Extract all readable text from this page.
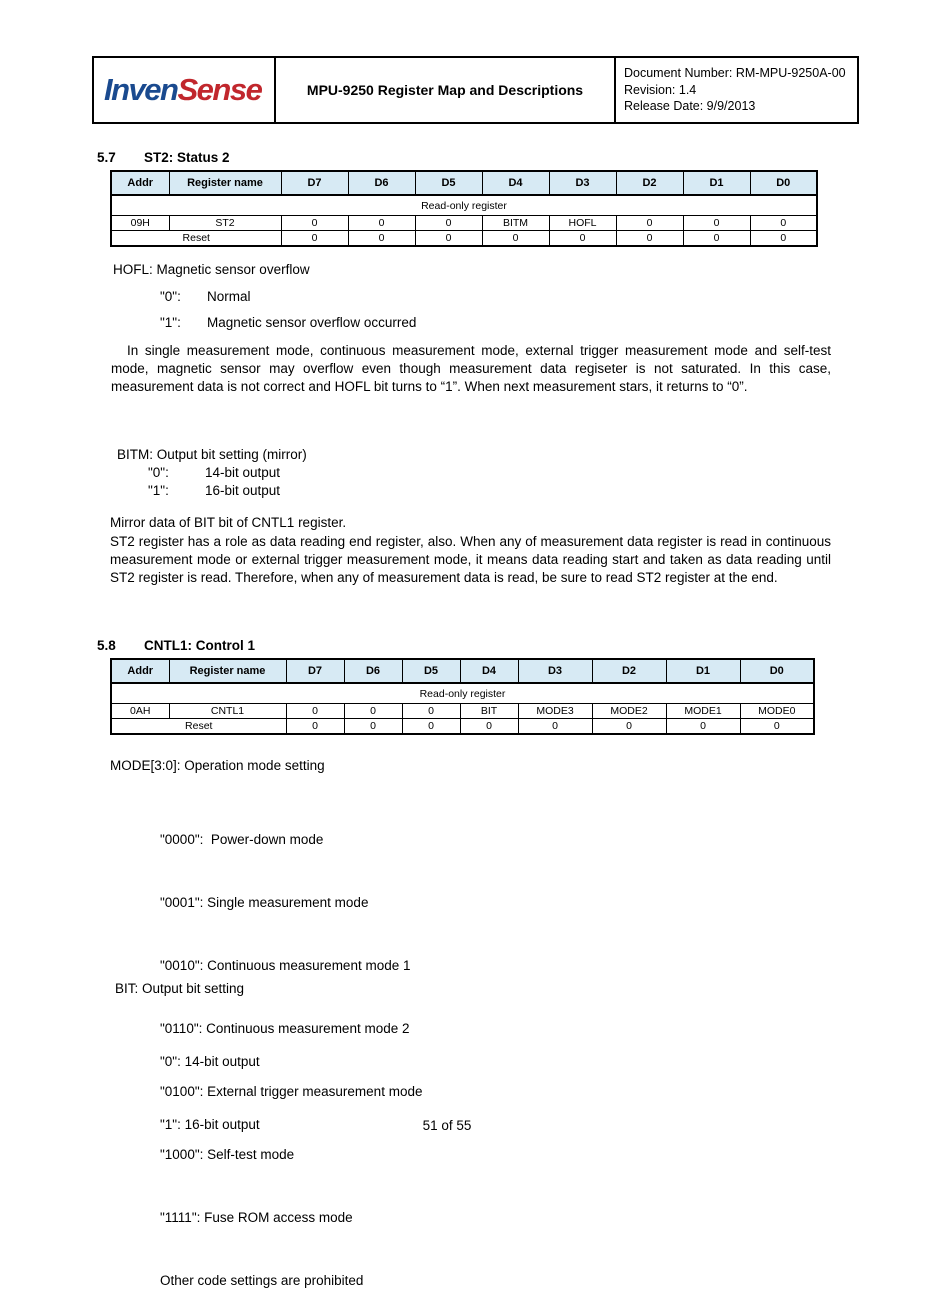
InvenSense	MPU-9250 Register Map and Descriptions	
Document Number: RM-MPU-9250A-00
Revision: 1.4
Release Date: 9/9/2013
5.7 ST2: Status 2
Addr	Register name	D7	D6	D5	D4	D3	D2	D1	D0
Read-only register									
09H	ST2	0	0	0	BITM	HOFL	0	0	0
Reset		0	0	0	0	0	0	0	0
HOFL: Magnetic sensor overflow
"0": Normal
"1": Magnetic sensor overflow occurred
In single measurement mode, continuous measurement mode, external trigger measurement mode and self-test mode, magnetic sensor may overflow even though measurement data regiseter is not saturated. In this case, measurement data is not correct and HOFL bit turns to “1”. When next measurement stars, it returns to “0”.
BITM: Output bit setting (mirror)
"0":	14-bit output
"1":	16-bit output
Mirror data of BIT bit of CNTL1 register.
ST2 register has a role as data reading end register, also. When any of measurement data register is read in continuous measurement mode or external trigger measurement mode, it means data reading start and taken as data reading until ST2 register is read. Therefore, when any of measurement data is read, be sure to read ST2 register at the end.
5.8 CNTL1: Control 1
Addr	Register name	D7	D6	D5	D4	D3	D2	D1	D0
Read-only register									
0AH	CNTL1	0	0	0	BIT	MODE3	MODE2	MODE1	MODE0
Reset		0	0	0	0	0	0	0	0
MODE[3:0]: Operation mode setting

"0000":  Power-down mode

"0001": Single measurement mode

"0010": Continuous measurement mode 1

"0110": Continuous measurement mode 2

"0100": External trigger measurement mode

"1000": Self-test mode

"1111": Fuse ROM access mode

Other code settings are prohibited

BIT: Output bit setting

"0": 14-bit output

"1": 16-bit output	51 of 55
